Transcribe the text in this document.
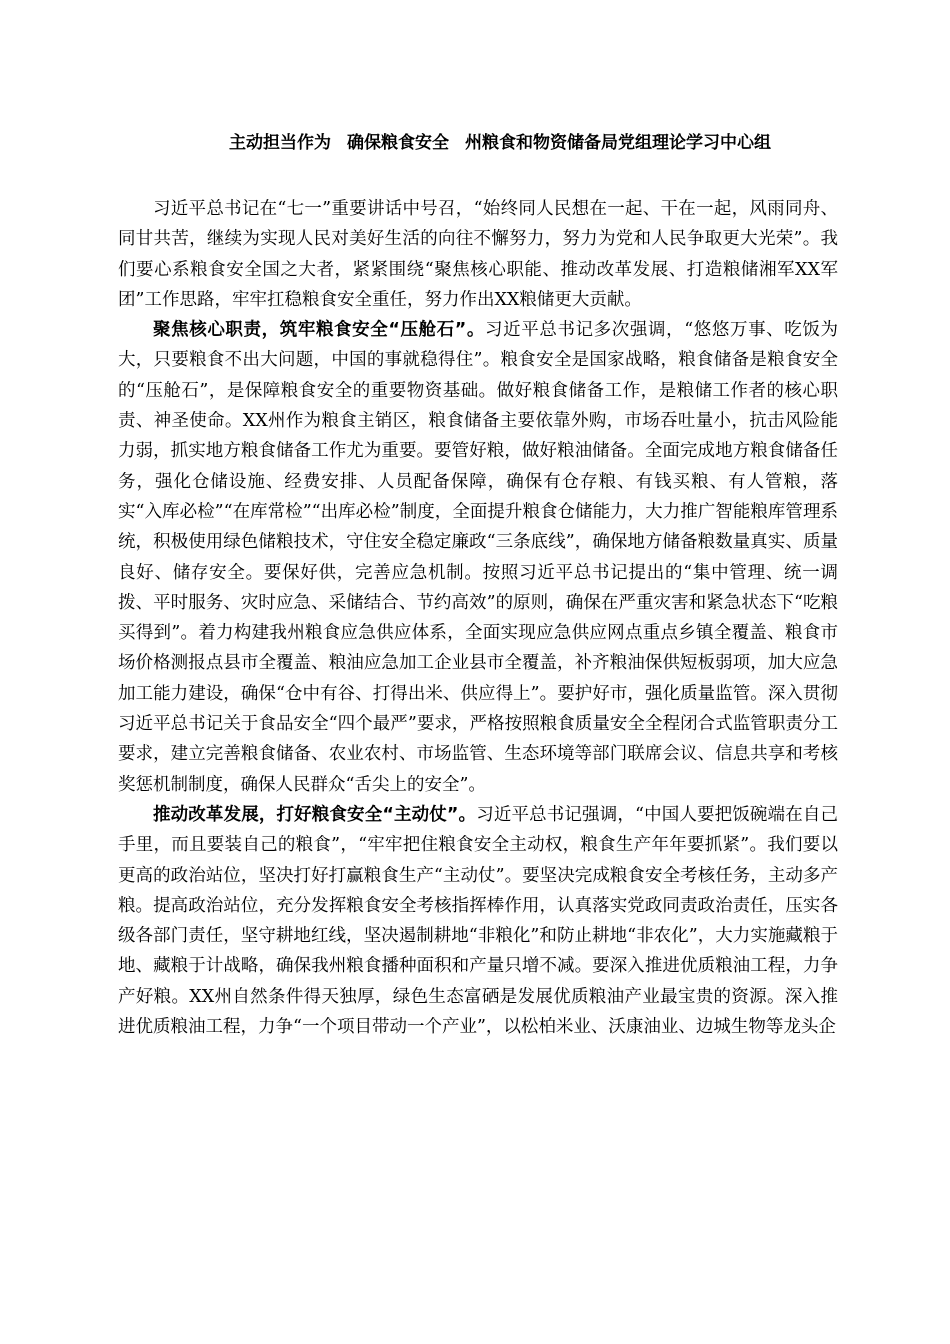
主动担当作为 确保粮食安全 州粮食和物资储备局党组理论学习中心组

习近平总书记在“七一”重要讲话中号召，“始终同人民想在一起、干在一起，风雨同舟、同甘共苦，继续为实现人民对美好生活的向往不懈努力，努力为党和人民争取更大光荣”。我们要心系粮食安全国之大者，紧紧围绕“聚焦核心职能、推动改革发展、打造粮储湘军XX军团”工作思路，牢牢扛稳粮食安全重任，努力作出XX粮储更大贡献。

聚焦核心职责，筑牢粮食安全“压舱石”。习近平总书记多次强调，“悠悠万事、吃饭为大，只要粮食不出大问题，中国的事就稳得住”。粮食安全是国家战略，粮食储备是粮食安全的“压舱石”，是保障粮食安全的重要物资基础。做好粮食储备工作，是粮储工作者的核心职责、神圣使命。XX州作为粮食主销区，粮食储备主要依靠外购，市场吞吐量小，抗击风险能力弱，抓实地方粮食储备工作尤为重要。要管好粮，做好粮油储备。全面完成地方粮食储备任务，强化仓储设施、经费安排、人员配备保障，确保有仓存粮、有钱买粮、有人管粮，落实“入库必检”“在库常检”“出库必检”制度，全面提升粮食仓储能力，大力推广智能粮库管理系统，积极使用绿色储粮技术，守住安全稳定廉政“三条底线”，确保地方储备粮数量真实、质量良好、储存安全。要保好供，完善应急机制。按照习近平总书记提出的“集中管理、统一调拨、平时服务、灾时应急、采储结合、节约高效”的原则，确保在严重灾害和紧急状态下“吃粮买得到”。着力构建我州粮食应急供应体系，全面实现应急供应网点重点乡镇全覆盖、粮食市场价格测报点县市全覆盖、粮油应急加工企业县市全覆盖，补齐粮油保供短板弱项，加大应急加工能力建设，确保“仓中有谷、打得出米、供应得上”。要护好市，强化质量监管。深入贯彻习近平总书记关于食品安全“四个最严”要求，严格按照粮食质量安全全程闭合式监管职责分工要求，建立完善粮食储备、农业农村、市场监管、生态环境等部门联席会议、信息共享和考核奖惩机制制度，确保人民群众“舌尖上的安全”。

推动改革发展，打好粮食安全“主动仗”。习近平总书记强调，“中国人要把饭碗端在自己手里，而且要装自己的粮食”，“牢牢把住粮食安全主动权，粮食生产年年要抓紧”。我们要以更高的政治站位，坚决打好打赢粮食生产“主动仗”。要坚决完成粮食安全考核任务，主动多产粮。提高政治站位，充分发挥粮食安全考核指挥棒作用，认真落实党政同责政治责任，压实各级各部门责任，坚守耕地红线，坚决遏制耕地“非粮化”和防止耕地“非农化”，大力实施藏粮于地、藏粮于计战略，确保我州粮食播种面积和产量只增不减。要深入推进优质粮油工程，力争产好粮。XX州自然条件得天独厚，绿色生态富硒是发展优质粮油产业最宝贵的资源。深入推进优质粮油工程，力争“一个项目带动一个产业”，以松柏米业、沃康油业、边城生物等龙头企
